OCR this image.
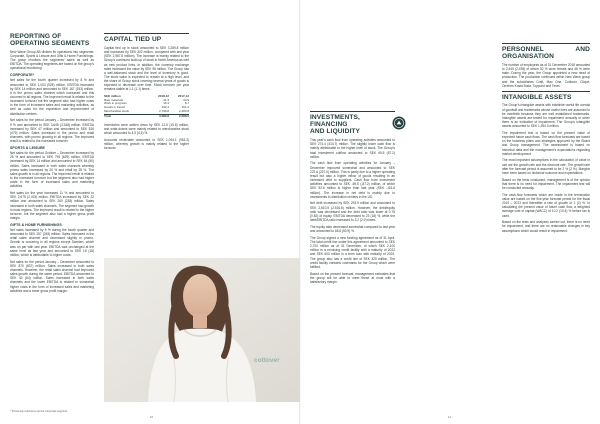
REPORTING OF
OPERATING SEGMENTS

New Wave Group AB divides its operations into segments: Corporate, Sports & Leisure and Gifts & Home Furnishings. The group monitors the segments’ sales as well as EBITDA. The operating segments are based on the group’s operational monitoring.

CORPORATE*

Net sales for the fourth quarter increased by 8 % and amounted to SEK 1,003 (928) million. EBITDA increased by SEK 14 million and amounted to SEK 167 (153) million. It is the promo sales channel which increased and this occurred in all regions. The improved result is related to the increased turnover but the segment also had higher costs in the form of increased sales and marketing activities, as well as costs for the expansion and improvement of distribution centers.

Net sales for the period January – December increased by 9 % and amounted to SEK 3,648 (3,348) million. EBITDA increased by SEK 47 million and amounted to SEK 526 (479) million. Sales increased in the promo and retail channels, with promo growing in all regions. The improved result is related to the increased turnover.

SPORTS & LEISURE

Net sales for the period October – December increased by 26 % and amounted to SEK 793 (629) million. EBITDA increased by SEK 14 million and amounted to SEK 64 (50) million. Sales increased in both sales channels whereby promo sales increased by 20 % and retail by 28 %. The sales growth is in all regions. The improved result is related to the increased turnover but the segment also had higher costs in the form of increased sales and marketing activities.

Net sales for the year increased 11 % and amounted to SEK 2,675 (2,415) million. EBITDA increased by SEK 22 million and amounted to SEK 260 (238) million. Sales increased in both sales channels. The segment had growth in most regions. The improved result is related to the higher turnover, but the segment also had a higher gross profit margin.

GIFTS & HOME FURNISHINGS

Net sales increased by 5 % during the fourth quarter and amounted to SEK 257 (245) million. Sales increased in the retail sales channel and decreased slightly in promo. Growth is occurring in all regions except Sweden, which was on par with last year. EBITDA was unchanged at the same level as last year and amounted to SEK 18 (18) million, which is attributable to higher costs.

Net sales for the period January – December amounted to SEK 870 (837) million. Sales increased in both sales channels. However, the retail sales channel had improved sales growth during the same period. EBITDA amounted to SEK 40 (64) million. Sales increased in both sales channels and the lower EBITDA is related to somewhat higher costs in the form of increased sales and marketing activities and a lower gross profit margin.

CAPITAL TIED UP

Capital tied up in stock amounted to SEK 3,289.8 million and increased by SEK 302 million, compared with last year (SEK 2,987.8 million). The increase is mainly related to the Group’s continued build-up of stock in North America as well as new product lines. In addition, the currency exchange rates increased the value by SEK 98 million. The Group has a well-balanced stock and the level of inventory is good. The stock value is expected to remain at a high level, and the share of Group stock covering several years of goods is expected to decrease over time. Stock turnover per year remains stable at 1.1 (1.1) times.

SEK million	2018-12	2017-12
Raw materials	41.3	34.9
Work in progress	16.3	8.7
Goods in transit	232.4	161.2
Merchandise stock	2,799.8	2,483.8
Total	3,089.8	2,688.6

Inventories were written down by SEK 12.5 (19.6) million, and write-downs were mainly related to merchandise stock which amounted to 4.5 (4.5) %.

Accounts receivable amounted to SEK 1,094.1 (963.3) million, whereby growth is mainly related to the higher turnover.

cottover
* Previously referred to as the Corporate segment.
10
INVESTMENTS, FINANCING
AND LIQUIDITY

This year’s cash flow from operating activities amounted to SEK 274.4 (414.7) million. The slightly lower cash flow is mainly attributable to the higher level of stock. The Group’s total investment outflow amounted to SEK 69.5 (87.2) million.

The cash flow from operating activities for January – December improved somewhat and amounted to SEK 222.6 (207.0) million. This is partly due to a higher operating result but also a higher inflow of goods resulting in an increased debt to suppliers. Cash flow from investment activities amounted to SEK -69.5 (-87.2) million, of which SEK 52.6 million is higher than last year (SEK -116.6 million). The increase in net debt is mainly due to investments in distribution centers in the US.

Net debt increased by SEK 293.9 million and amounted to SEK 2,810.5 (2,516.6) million. However, the debt/equity ratio was decreased and the debt ratio was lower at 0.76 (0.82) of equity. EBITDA decreased to 23 (18) %, while the debt/EBITDA ratio increased to 3.2 (2.9) times.

The equity ratio decreased somewhat compared to last year and amounted to 48.6 (50.9) %.

The Group signed a new funding agreement as of 31 April. The total credit line under this agreement amounted to SEK 2,700 million as of 31 December, of which SEK 2,100 million is a revolving credit facility with a maturity of 2022 and SEK 600 million is a term loan with maturity of 2024. The group also has a credit line of SEK 320 million. The credit facility contains covenants for the Group which were fulfilled.

Based on the present forecast, management estimates that the group will be able to meet these at most with a satisfactory margin.

PERSONNEL AND ORGANISATION

The number of employees as of 31 December 2018 amounted to 2,445 (2,495) of whom 52 % were female and 48 % were male. During the year, the Group appointed a new head of production. The production continued within New Wave group and the subsidiaries Craft, Mac One, Cottover, Clique, Orrefors Kosta Boda, Toppoint and Texet.

INTANGIBLE ASSETS

The Group’s intangible assets with indefinite useful life consist of goodwill and trademarks whose useful lives are assumed to be indefinite because they are well established trademarks. Intangible assets are tested for impairment annually or when there is an indication of impairment. The Group’s intangible assets amounted to SEK 1,394.0 million.

The impairment test is based on the present value of expected future cash flows. The cash flow forecasts are based on the business plans and strategies approved by the Board and Group management. The assessment is based on historical data and the management’s expectations regarding market development.

The most important assumptions in the calculation of value in use are the growth rate and the discount rate. The growth rate after the forecast period is assumed to be 2 % (2 %). Margins have been based on historical outcome and expectations.

Based on the tests conducted, management is of the opinion that there is no need for impairment. The impairment test will be conducted annually.

The cash-flow forecasts which are made in the termination value are based on the five-year forecast period for the fiscal 2019 – 2023 and thereafter a rate of growth of 2 (2) %. In calculating the present value of future cash flow, a weighted average cost of capital (WACC) of 10.2 (10.4) % before tax is used.

Based on the tests and analyses carried out, there is no need for impairment, and there are no reasonable changes in key assumptions which would result in impairment.

11
